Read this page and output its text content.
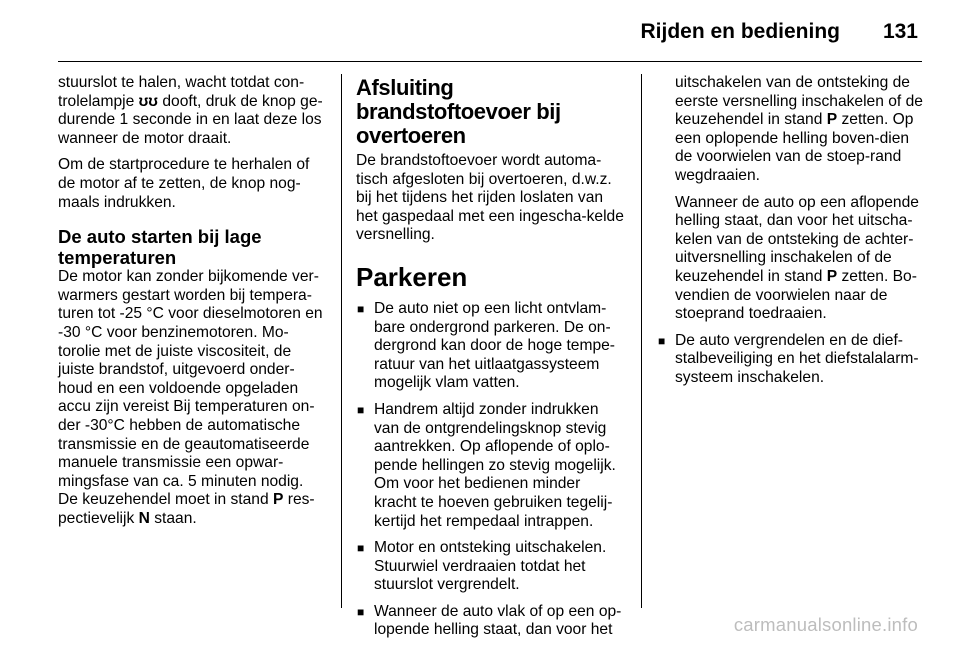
Rijden en bediening 131

stuurslot te halen, wacht totdat con-trolelampje ʊʊ dooft, druk de knop ge-durende 1 seconde in en laat deze los wanneer de motor draait.

Om de startprocedure te herhalen of de motor af te zetten, de knop nog-maals indrukken.

De auto starten bij lage temperaturen

De motor kan zonder bijkomende ver-warmers gestart worden bij tempera-turen tot -25 °C voor dieselmotoren en -30 °C voor benzinemotoren. Mo-torolie met de juiste viscositeit, de juiste brandstof, uitgevoerd onder-houd en een voldoende opgeladen accu zijn vereist Bij temperaturen on-der -30°C hebben de automatische transmissie en de geautomatiseerde manuele transmissie een opwar-mingsfase van ca. 5 minuten nodig. De keuzehendel moet in stand P res-pectievelijk N staan.

Afsluiting brandstoftoevoer bij overtoeren

De brandstoftoevoer wordt automa-tisch afgesloten bij overtoeren, d.w.z. bij het tijdens het rijden loslaten van het gaspedaal met een ingescha-kelde versnelling.

Parkeren
■ De auto niet op een licht ontvlam-bare ondergrond parkeren. De on-dergrond kan door de hoge tempe-ratuur van het uitlaatgassysteem mogelijk vlam vatten.
■ Handrem altijd zonder indrukken van de ontgrendelingsknop stevig aantrekken. Op aflopende of oplo-pende hellingen zo stevig mogelijk. Om voor het bedienen minder kracht te hoeven gebruiken tegelij-kertijd het rempedaal intrappen.
■ Motor en ontsteking uitschakelen. Stuurwiel verdraaien totdat het stuurslot vergrendelt.
■ Wanneer de auto vlak of op een op-lopende helling staat, dan voor het

uitschakelen van de ontsteking de eerste versnelling inschakelen of de keuzehendel in stand P zetten. Op een oplopende helling boven-dien de voorwielen van de stoep-rand wegdraaien.

Wanneer de auto op een aflopende helling staat, dan voor het uitscha-kelen van de ontsteking de achter-uitversnelling inschakelen of de keuzehendel in stand P zetten. Bo-vendien de voorwielen naar de stoeprand toedraaien.

■ De auto vergrendelen en de dief-stalbeveiliging en het diefstalalarm-systeem inschakelen.
carmanualsonline.info
